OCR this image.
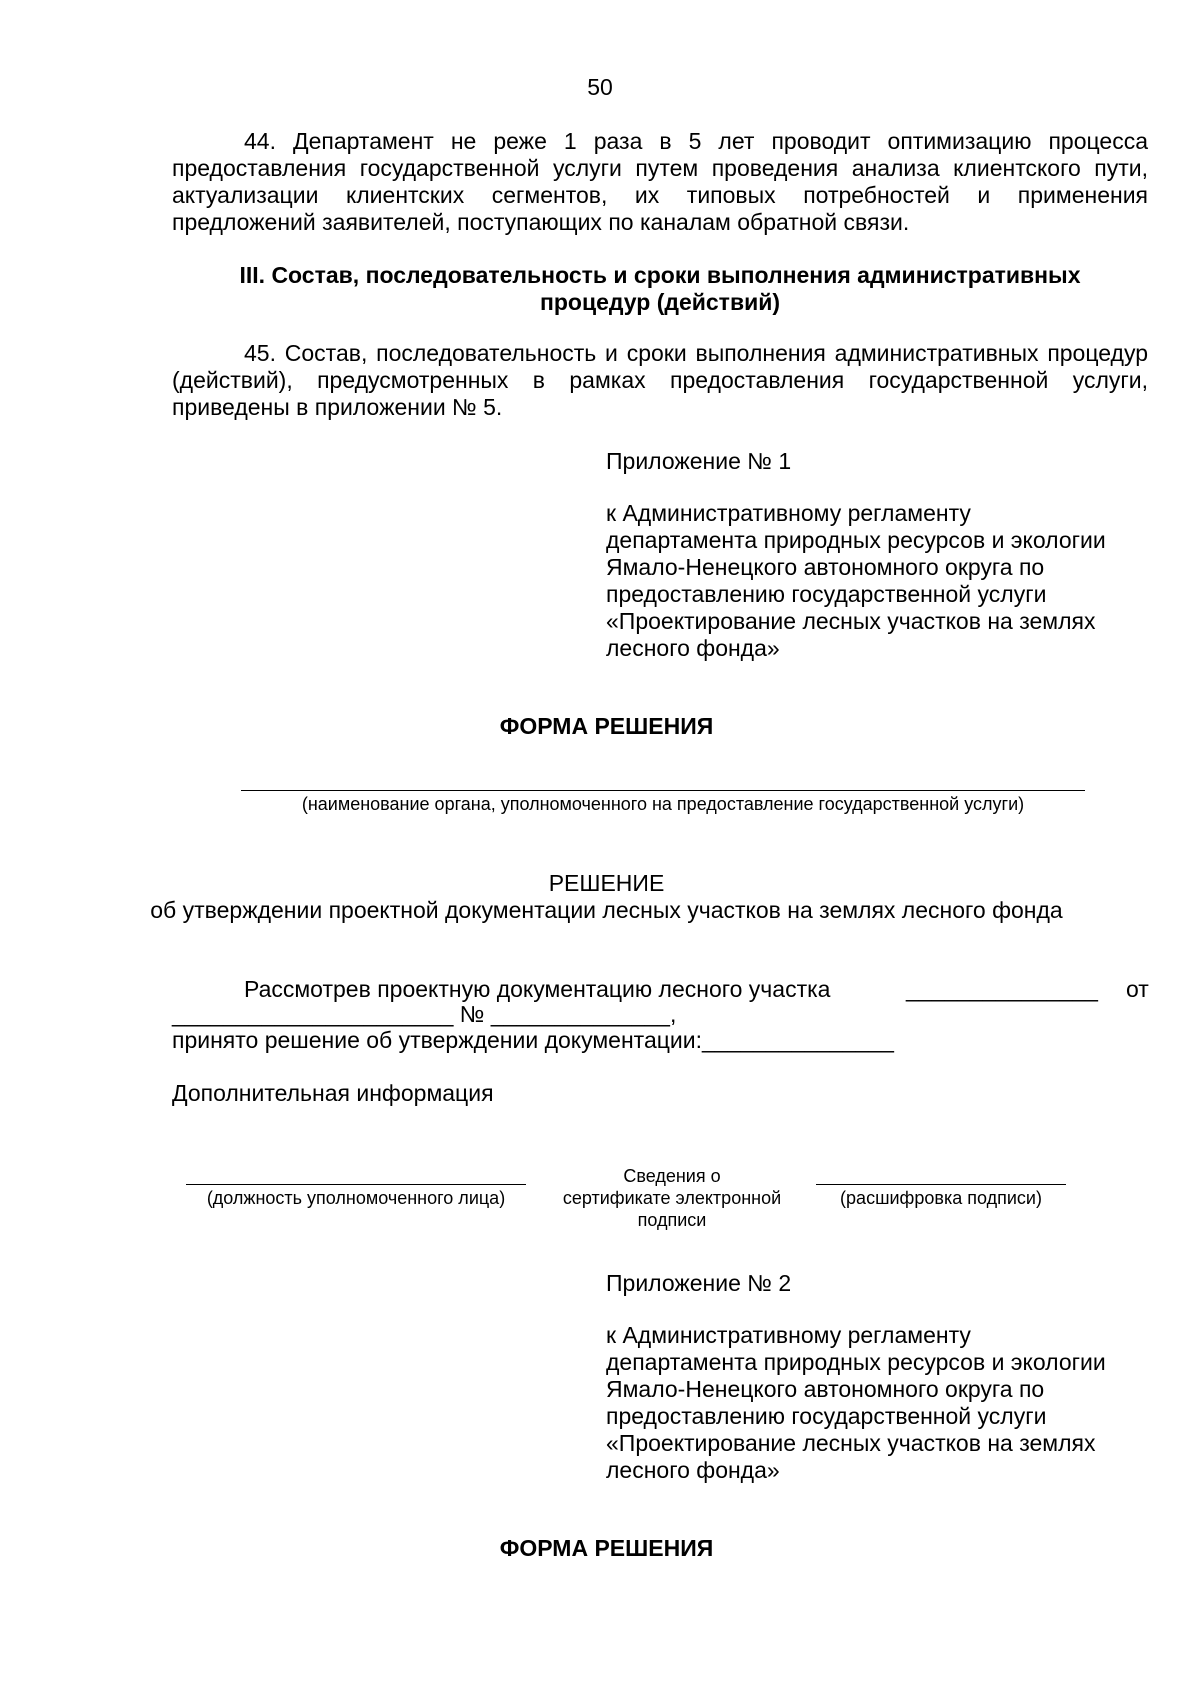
50

44. Департамент не реже 1 раза в 5 лет проводит оптимизацию процесса предоставления государственной услуги путем проведения анализа клиентского пути, актуализации клиентских сегментов, их типовых потребностей и применения предложений заявителей, поступающих по каналам обратной связи.

III. Состав, последовательность и сроки выполнения административных
процедур (действий)

45. Состав, последовательность и сроки выполнения административных процедур (действий), предусмотренных в рамках предоставления государственной услуги, приведены в приложении № 5.

Приложение № 1
к Административному регламенту
департамента природных ресурсов и экологии
Ямало-Ненецкого автономного округа по
предоставлению государственной услуги
«Проектирование лесных участков на землях
лесного фонда»
ФОРМА РЕШЕНИЯ
(наименование органа, уполномоченного на предоставление государственной услуги)
РЕШЕНИЕ
об утверждении проектной документации лесных участков на землях лесного фонда
Рассмотрев проектную документацию лесного участка	_______________ от
______________________ № ______________,
принято решение об утверждении документации:_______________
Дополнительная информация
(должность уполномоченного лица)
Сведения о
сертификате электронной
подписи
(расшифровка подписи)
Приложение № 2
к Административному регламенту
департамента природных ресурсов и экологии
Ямало-Ненецкого автономного округа по
предоставлению государственной услуги
«Проектирование лесных участков на землях
лесного фонда»
ФОРМА РЕШЕНИЯ
